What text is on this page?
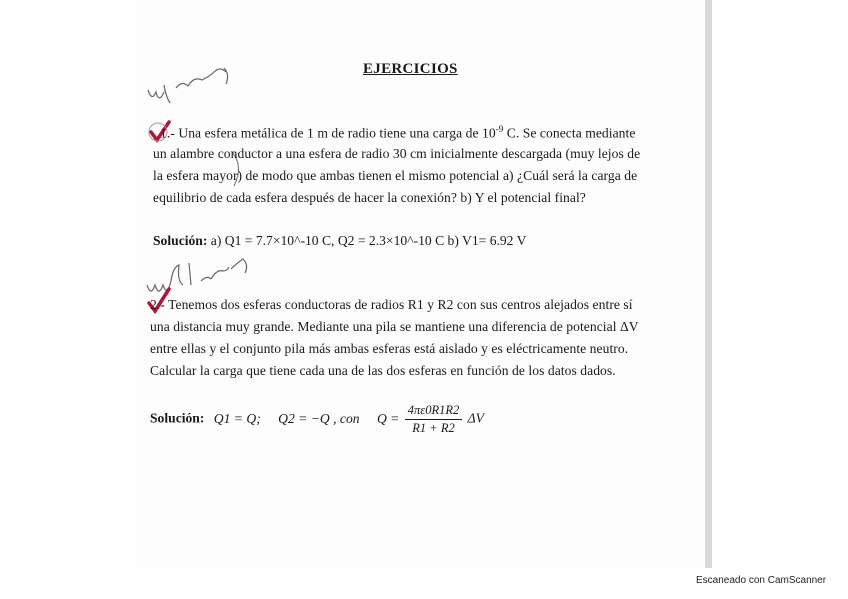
EJERCICIOS
1.- Una esfera metálica de 1 m de radio tiene una carga de $10^{-9}$ C. Se conecta mediante
un alambre conductor a una esfera de radio 30 cm inicialmente descargada (muy lejos de
la esfera mayor) de modo que ambas tienen el mismo potencial a) ¿Cuál será la carga de
equilibrio de cada esfera después de hacer la conexión? b) Y el potencial final?
Solución: a) Q1 = 7.7×10^-10 C, Q2 = 2.3×10^-10 C b) V1= 6.92 V
2.- Tenemos dos esferas conductoras de radios R1 y R2 con sus centros alejados entre sí
una distancia muy grande. Mediante una pila se mantiene una diferencia de potencial ΔV
entre ellas y el conjunto pila más ambas esferas está aislado y es eléctricamente neutro.
Calcular la carga que tiene cada una de las dos esferas en función de los datos dados.
Solución: Q1 = Q; Q2 = −Q , con $Q = \frac{4\pi\varepsilon 0R1R2}{R1 + R2}$ ΔV
Escaneado con CamScanner
